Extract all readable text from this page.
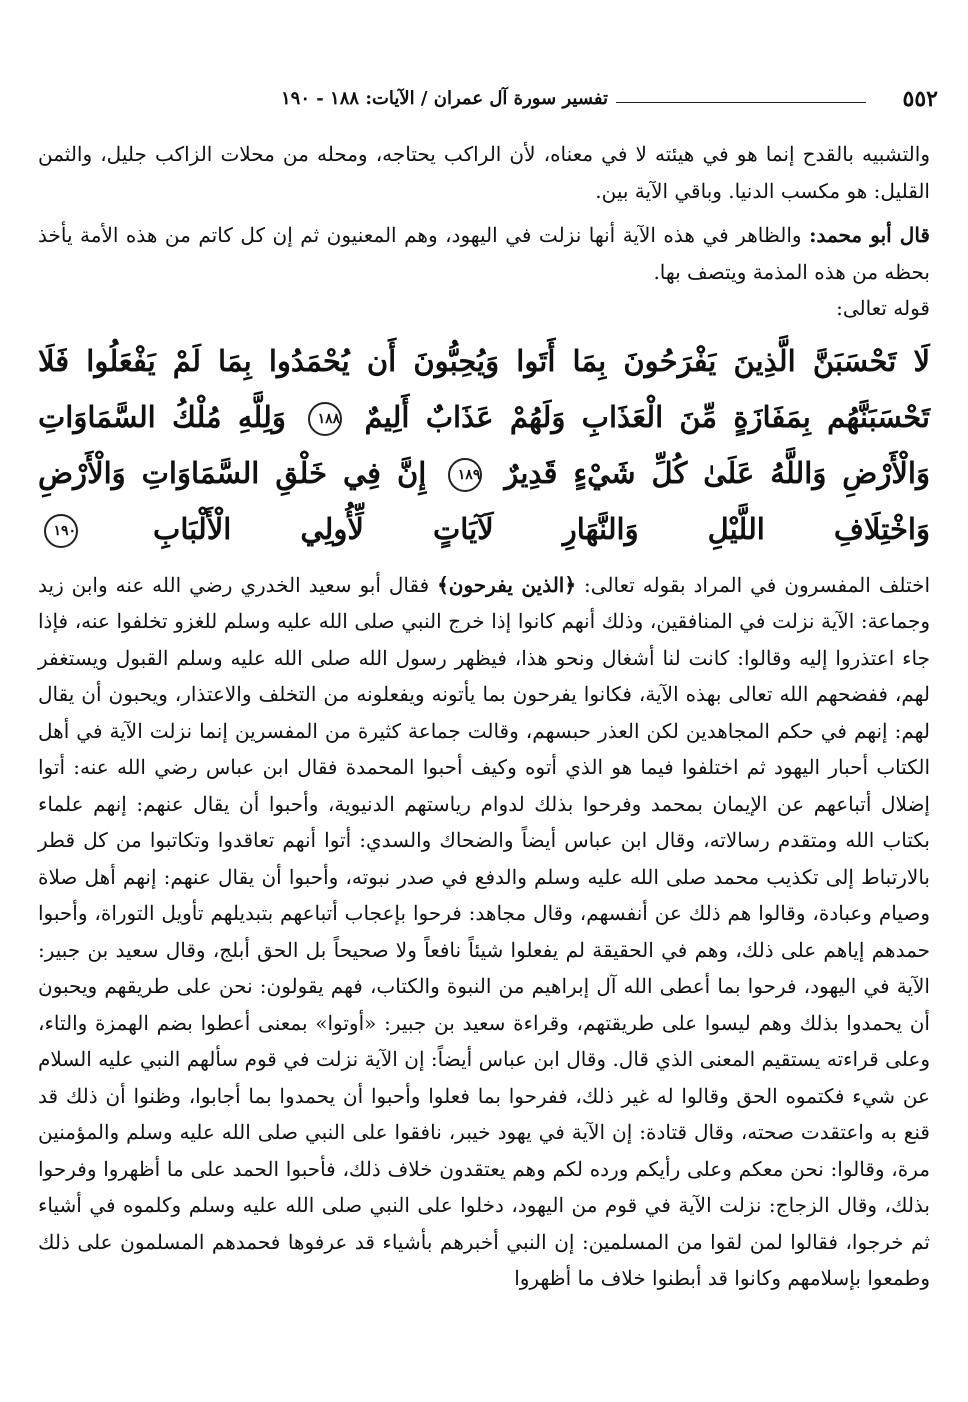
٥٥٢
تفسير سورة آل عمران / الآيات: ١٨٨ - ١٩٠

والتشبيه بالقدح إنما هو في هيئته لا في معناه، لأن الراكب يحتاجه، ومحله من محلات الزاكب جليل، والثمن القليل: هو مكسب الدنيا. وباقي الآية بين.

قال أبو محمد: والظاهر في هذه الآية أنها نزلت في اليهود، وهم المعنيون ثم إن كل كاتم من هذه الأمة يأخذ بحظه من هذه المذمة ويتصف بها.

قوله تعالى:

لَا تَحْسَبَنَّ الَّذِينَ يَفْرَحُونَ بِمَا أَتَوا وَيُحِبُّونَ أَن يُحْمَدُوا بِمَا لَمْ يَفْعَلُوا فَلَا تَحْسَبَنَّهُم بِمَفَازَةٍ مِّنَ الْعَذَابِ وَلَهُمْ عَذَابٌ أَلِيمٌ ١٨٨ وَلِلَّهِ مُلْكُ السَّمَاوَاتِ وَالْأَرْضِ وَاللَّهُ عَلَىٰ كُلِّ شَيْءٍ قَدِيرٌ ١٨٩ إِنَّ فِي خَلْقِ السَّمَاوَاتِ وَالْأَرْضِ وَاخْتِلَافِ اللَّيْلِ وَالنَّهَارِ لَآيَاتٍ لِّأُولِي الْأَلْبَابِ ١٩٠

اختلف المفسرون في المراد بقوله تعالى: ﴿الذين يفرحون﴾ فقال أبو سعيد الخدري رضي الله عنه وابن زيد وجماعة: الآية نزلت في المنافقين، وذلك أنهم كانوا إذا خرج النبي صلى الله عليه وسلم للغزو تخلفوا عنه، فإذا جاء اعتذروا إليه وقالوا: كانت لنا أشغال ونحو هذا، فيظهر رسول الله صلى الله عليه وسلم القبول ويستغفر لهم، ففضحهم الله تعالى بهذه الآية، فكانوا يفرحون بما يأتونه ويفعلونه من التخلف والاعتذار، ويحبون أن يقال لهم: إنهم في حكم المجاهدين لكن العذر حبسهم، وقالت جماعة كثيرة من المفسرين إنما نزلت الآية في أهل الكتاب أحبار اليهود ثم اختلفوا فيما هو الذي أتوه وكيف أحبوا المحمدة فقال ابن عباس رضي الله عنه: أتوا إضلال أتباعهم عن الإيمان بمحمد وفرحوا بذلك لدوام رياستهم الدنيوية، وأحبوا أن يقال عنهم: إنهم علماء بكتاب الله ومتقدم رسالاته، وقال ابن عباس أيضاً والضحاك والسدي: أتوا أنهم تعاقدوا وتكاتبوا من كل قطر بالارتباط إلى تكذيب محمد صلى الله عليه وسلم والدفع في صدر نبوته، وأحبوا أن يقال عنهم: إنهم أهل صلاة وصيام وعبادة، وقالوا هم ذلك عن أنفسهم، وقال مجاهد: فرحوا بإعجاب أتباعهم بتبديلهم تأويل التوراة، وأحبوا حمدهم إياهم على ذلك، وهم في الحقيقة لم يفعلوا شيئاً نافعاً ولا صحيحاً بل الحق أبلج، وقال سعيد بن جبير: الآية في اليهود، فرحوا بما أعطى الله آل إبراهيم من النبوة والكتاب، فهم يقولون: نحن على طريقهم ويحبون أن يحمدوا بذلك وهم ليسوا على طريقتهم، وقراءة سعيد بن جبير: «أوتوا» بمعنى أعطوا بضم الهمزة والتاء، وعلى قراءته يستقيم المعنى الذي قال. وقال ابن عباس أيضاً: إن الآية نزلت في قوم سألهم النبي عليه السلام عن شيء فكتموه الحق وقالوا له غير ذلك، ففرحوا بما فعلوا وأحبوا أن يحمدوا بما أجابوا، وظنوا أن ذلك قد قنع به واعتقدت صحته، وقال قتادة: إن الآية في يهود خيبر، نافقوا على النبي صلى الله عليه وسلم والمؤمنين مرة، وقالوا: نحن معكم وعلى رأيكم ورده لكم وهم يعتقدون خلاف ذلك، فأحبوا الحمد على ما أظهروا وفرحوا بذلك، وقال الزجاج: نزلت الآية في قوم من اليهود، دخلوا على النبي صلى الله عليه وسلم وكلموه في أشياء ثم خرجوا، فقالوا لمن لقوا من المسلمين: إن النبي أخبرهم بأشياء قد عرفوها فحمدهم المسلمون على ذلك وطمعوا بإسلامهم وكانوا قد أبطنوا خلاف ما أظهروا
